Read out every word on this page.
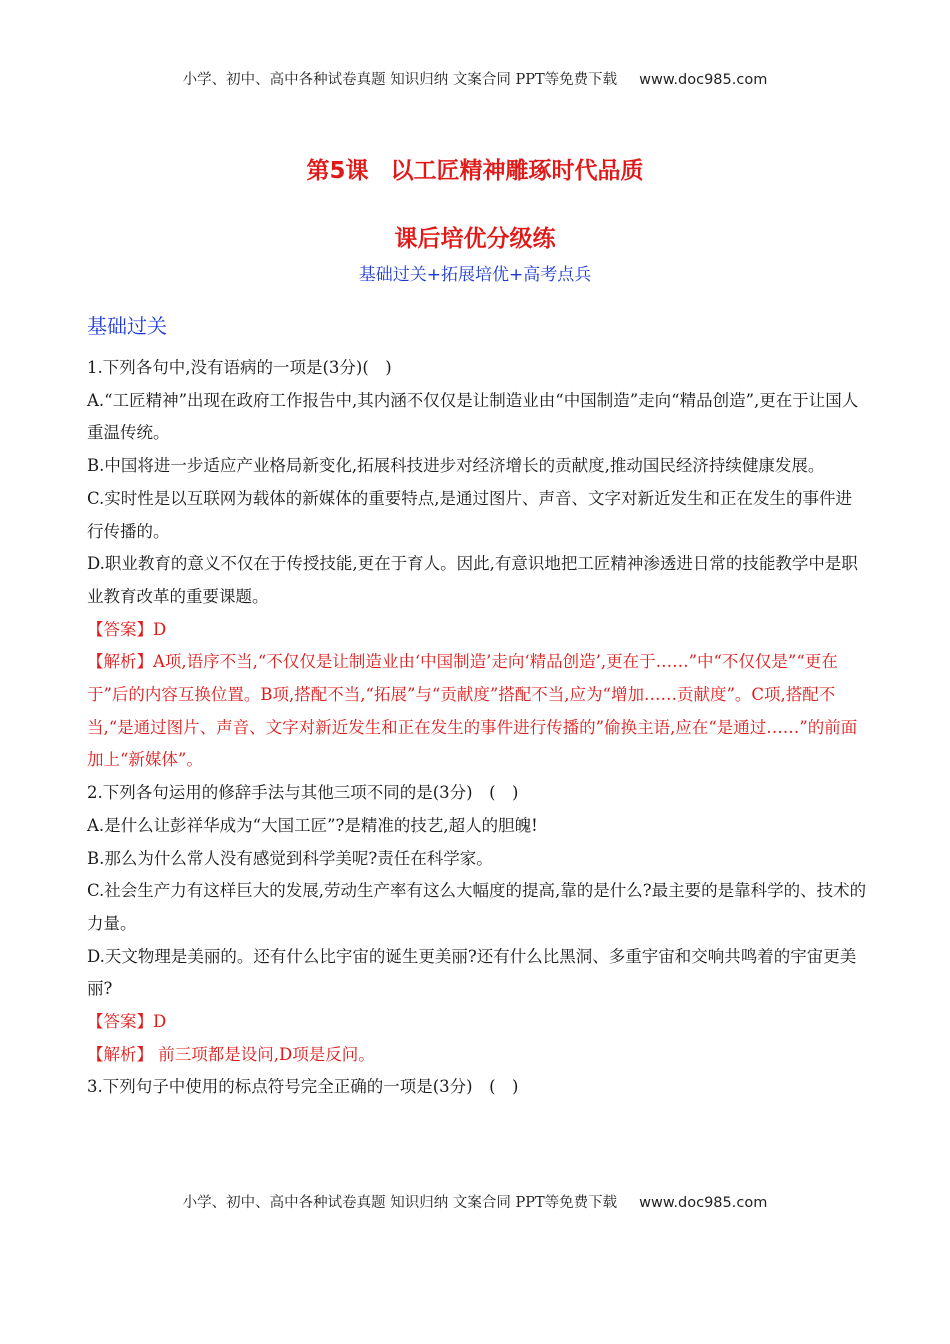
小学、初中、高中各种试卷真题 知识归纳 文案合同 PPT等免费下载 www.doc985.com
第5课 以工匠精神雕琢时代品质
课后培优分级练
基础过关+拓展培优+高考点兵
基础过关

1.下列各句中,没有语病的一项是(3分)(　)

A.“工匠精神”出现在政府工作报告中,其内涵不仅仅是让制造业由“中国制造”走向“精品创造”,更在于让国人重温传统。

B.中国将进一步适应产业格局新变化,拓展科技进步对经济增长的贡献度,推动国民经济持续健康发展。

C.实时性是以互联网为载体的新媒体的重要特点,是通过图片、声音、文字对新近发生和正在发生的事件进行传播的。

D.职业教育的意义不仅在于传授技能,更在于育人。因此,有意识地把工匠精神渗透进日常的技能教学中是职业教育改革的重要课题。

【答案】D

【解析】A项,语序不当,“不仅仅是让制造业由‘中国制造’走向‘精品创造’,更在于……”中“不仅仅是”“更在于”后的内容互换位置。B项,搭配不当,“拓展”与“贡献度”搭配不当,应为“增加……贡献度”。C项,搭配不当,“是通过图片、声音、文字对新近发生和正在发生的事件进行传播的”偷换主语,应在“是通过……”的前面加上“新媒体”。

2.下列各句运用的修辞手法与其他三项不同的是(3分)　(　)

A.是什么让彭祥华成为“大国工匠”?是精准的技艺,超人的胆魄!

B.那么为什么常人没有感觉到科学美呢?责任在科学家。

C.社会生产力有这样巨大的发展,劳动生产率有这么大幅度的提高,靠的是什么?最主要的是靠科学的、技术的力量。

D.天文物理是美丽的。还有什么比宇宙的诞生更美丽?还有什么比黑洞、多重宇宙和交响共鸣着的宇宙更美丽?

【答案】D

【解析】 前三项都是设问,D项是反问。

3.下列句子中使用的标点符号完全正确的一项是(3分)　(　)

小学、初中、高中各种试卷真题 知识归纳 文案合同 PPT等免费下载 www.doc985.com
